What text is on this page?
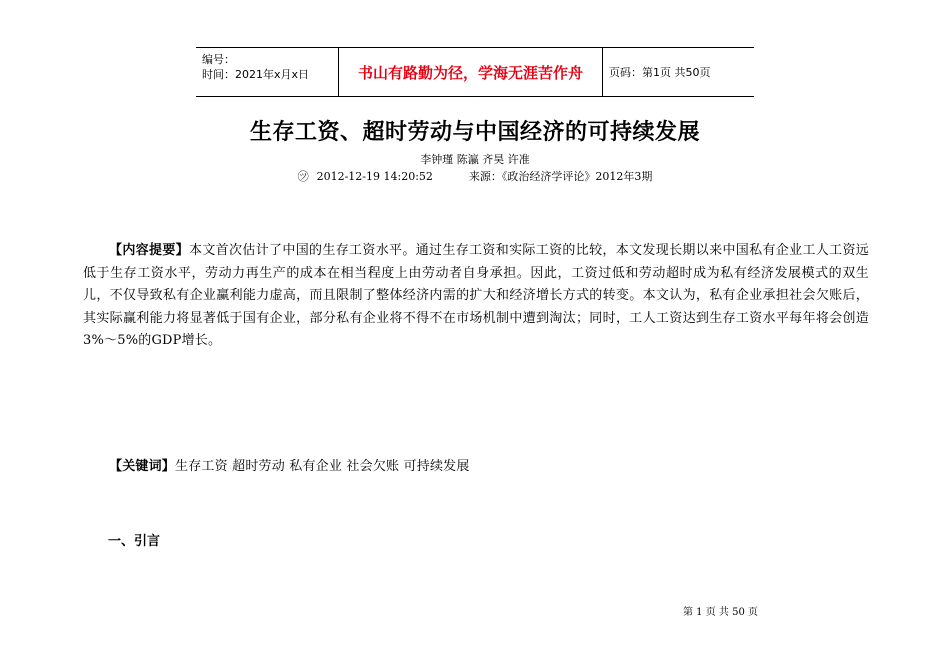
编号：
时间：2021年x月x日	书山有路勤为径，学海无涯苦作舟	页码：第1页 共50页
生存工资、超时劳动与中国经济的可持续发展
李钟瑾 陈瀛 齐昊 许准
㋡ 2012-12-19 14:20:52	来源：《政治经济学评论》2012年3期
【内容提要】本文首次估计了中国的生存工资水平。通过生存工资和实际工资的比较，本文发现长期以来中国私有企业工人工资远低于生存工资水平，劳动力再生产的成本在相当程度上由劳动者自身承担。因此，工资过低和劳动超时成为私有经济发展模式的双生儿，不仅导致私有企业赢利能力虚高，而且限制了整体经济内需的扩大和经济增长方式的转变。本文认为，私有企业承担社会欠账后，其实际赢利能力将显著低于国有企业，部分私有企业将不得不在市场机制中遭到淘汰；同时，工人工资达到生存工资水平每年将会创造3%～5%的GDP增长。
【关键词】生存工资 超时劳动 私有企业 社会欠账 可持续发展
一、引言
第 1 页 共 50 页
